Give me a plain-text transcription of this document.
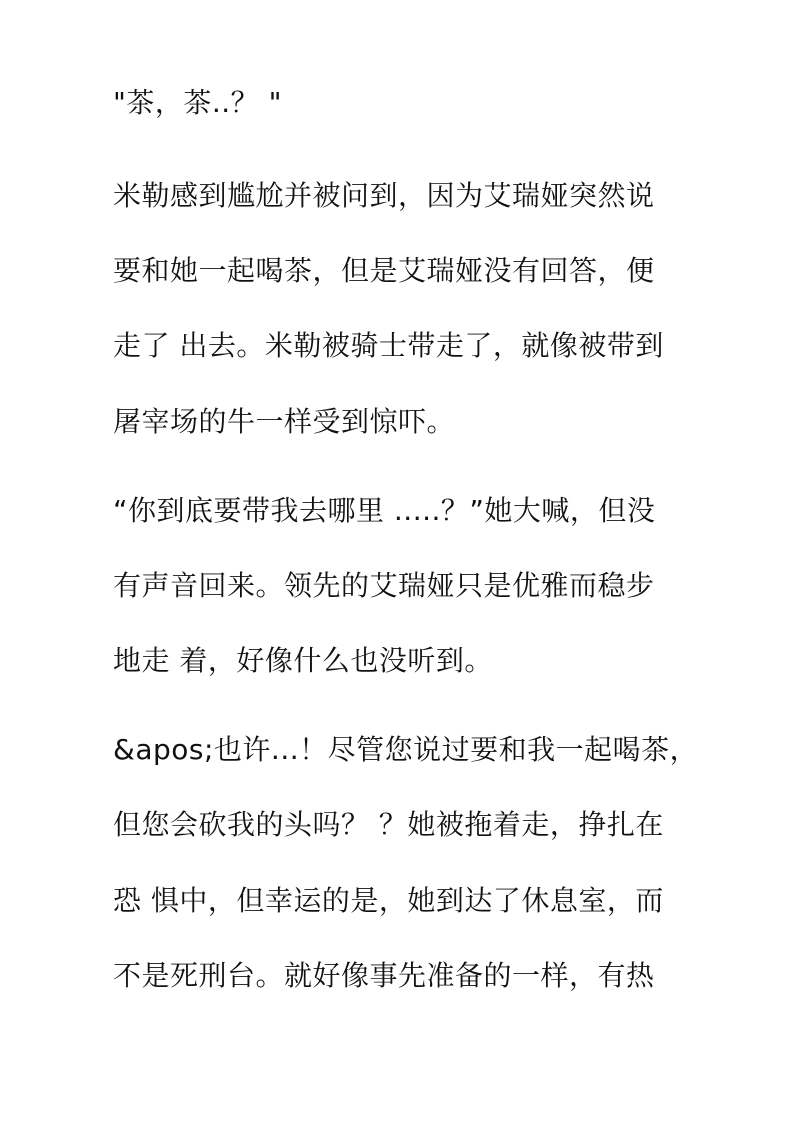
"茶，茶..？ "
米勒感到尴尬并被问到，因为艾瑞娅突然说
要和她一起喝茶，但是艾瑞娅没有回答，便
走了 出去。米勒被骑士带走了，就像被带到
屠宰场的牛一样受到惊吓。
“你到底要带我去哪里 .....？”她大喊，但没
有声音回来。领先的艾瑞娅只是优雅而稳步
地走 着，好像什么也没听到。
&apos;也许...！尽管您说过要和我一起喝茶，
但您会砍我的头吗？ ？她被拖着走，挣扎在
恐 惧中，但幸运的是，她到达了休息室，而
不是死刑台。就好像事先准备的一样，有热
